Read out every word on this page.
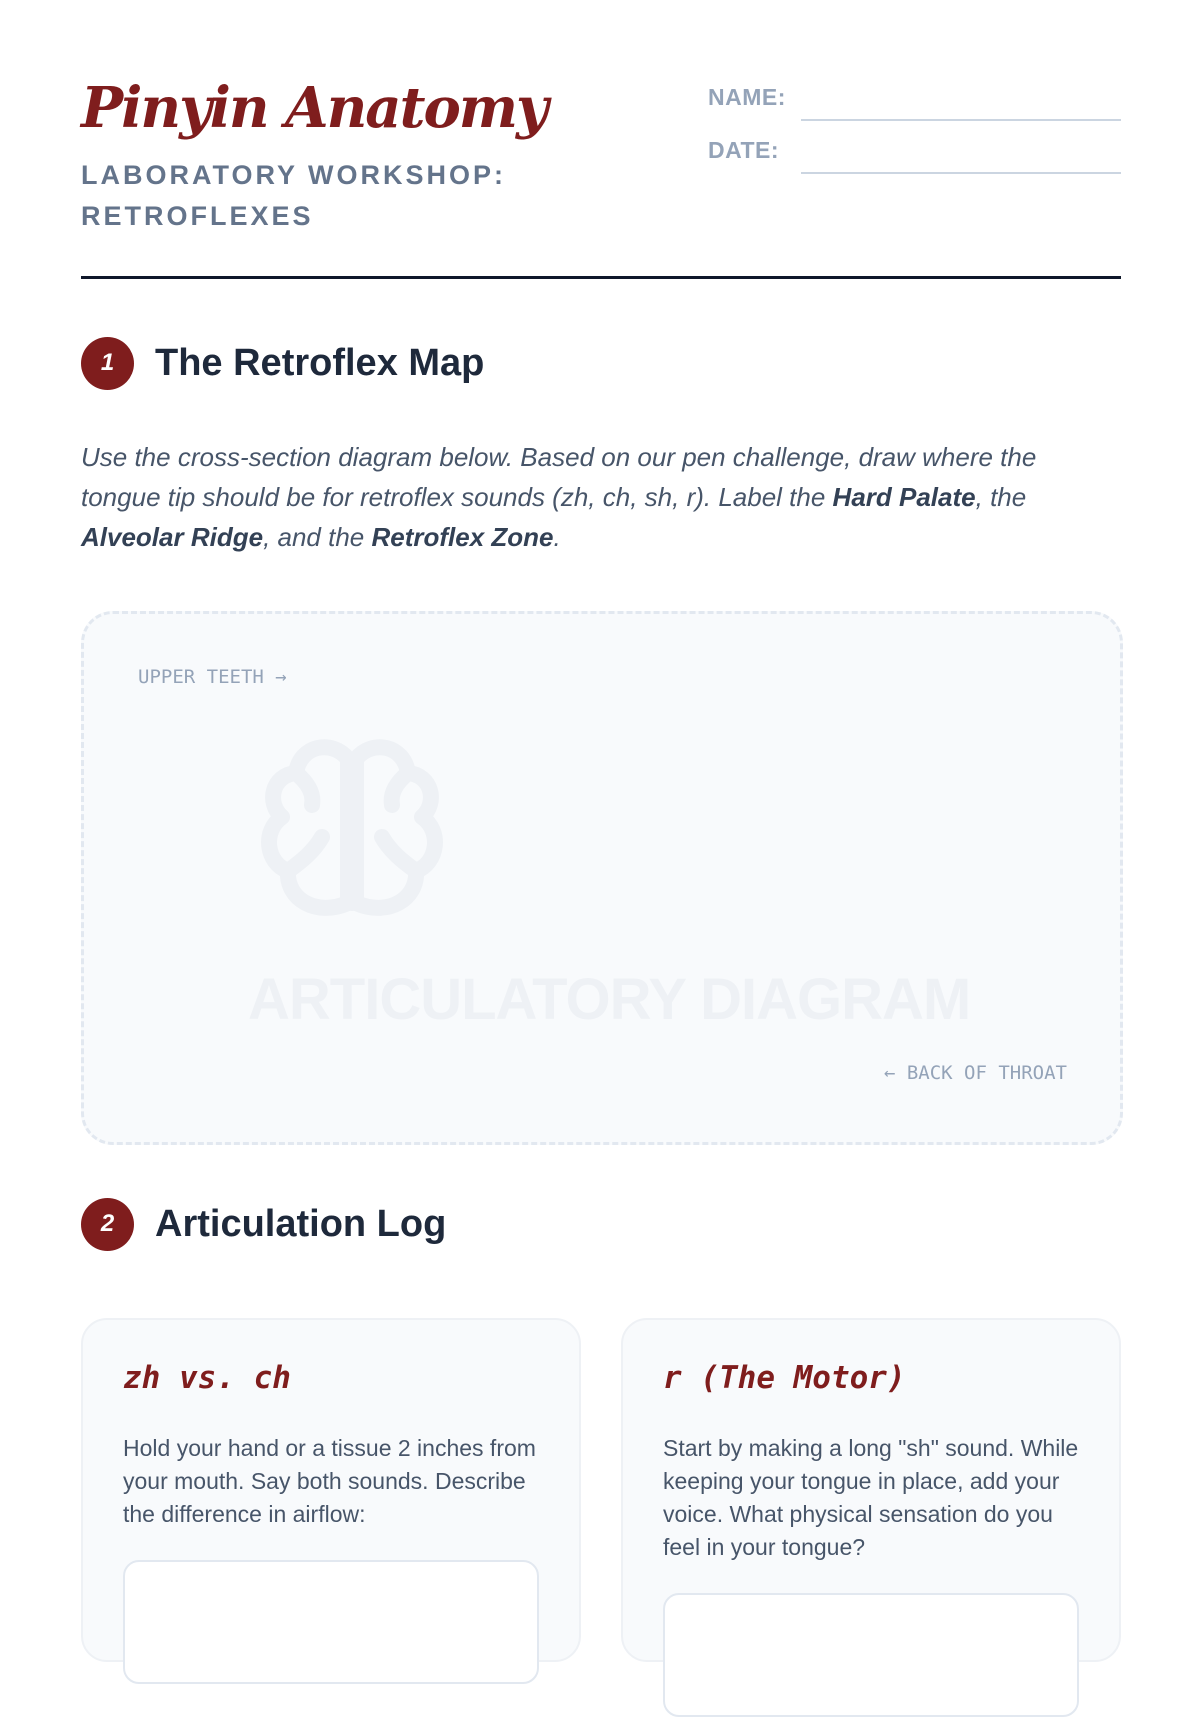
Pinyin Anatomy
LABORATORY WORKSHOP: RETROFLEXES
NAME:
DATE:
1	The Retroflex Map

Use the cross-section diagram below. Based on our pen challenge, draw where the tongue tip should be for retroflex sounds (zh, ch, sh, r). Label the Hard Palate, the Alveolar Ridge, and the Retroflex Zone.

UPPER TEETH →
ARTICULATORY DIAGRAM
← BACK OF THROAT
2	Articulation Log
zh vs. ch

Hold your hand or a tissue 2 inches from your mouth. Say both sounds. Describe the difference in airflow:

r (The Motor)

Start by making a long "sh" sound. While keeping your tongue in place, add your voice. What physical sensation do you feel in your tongue?
